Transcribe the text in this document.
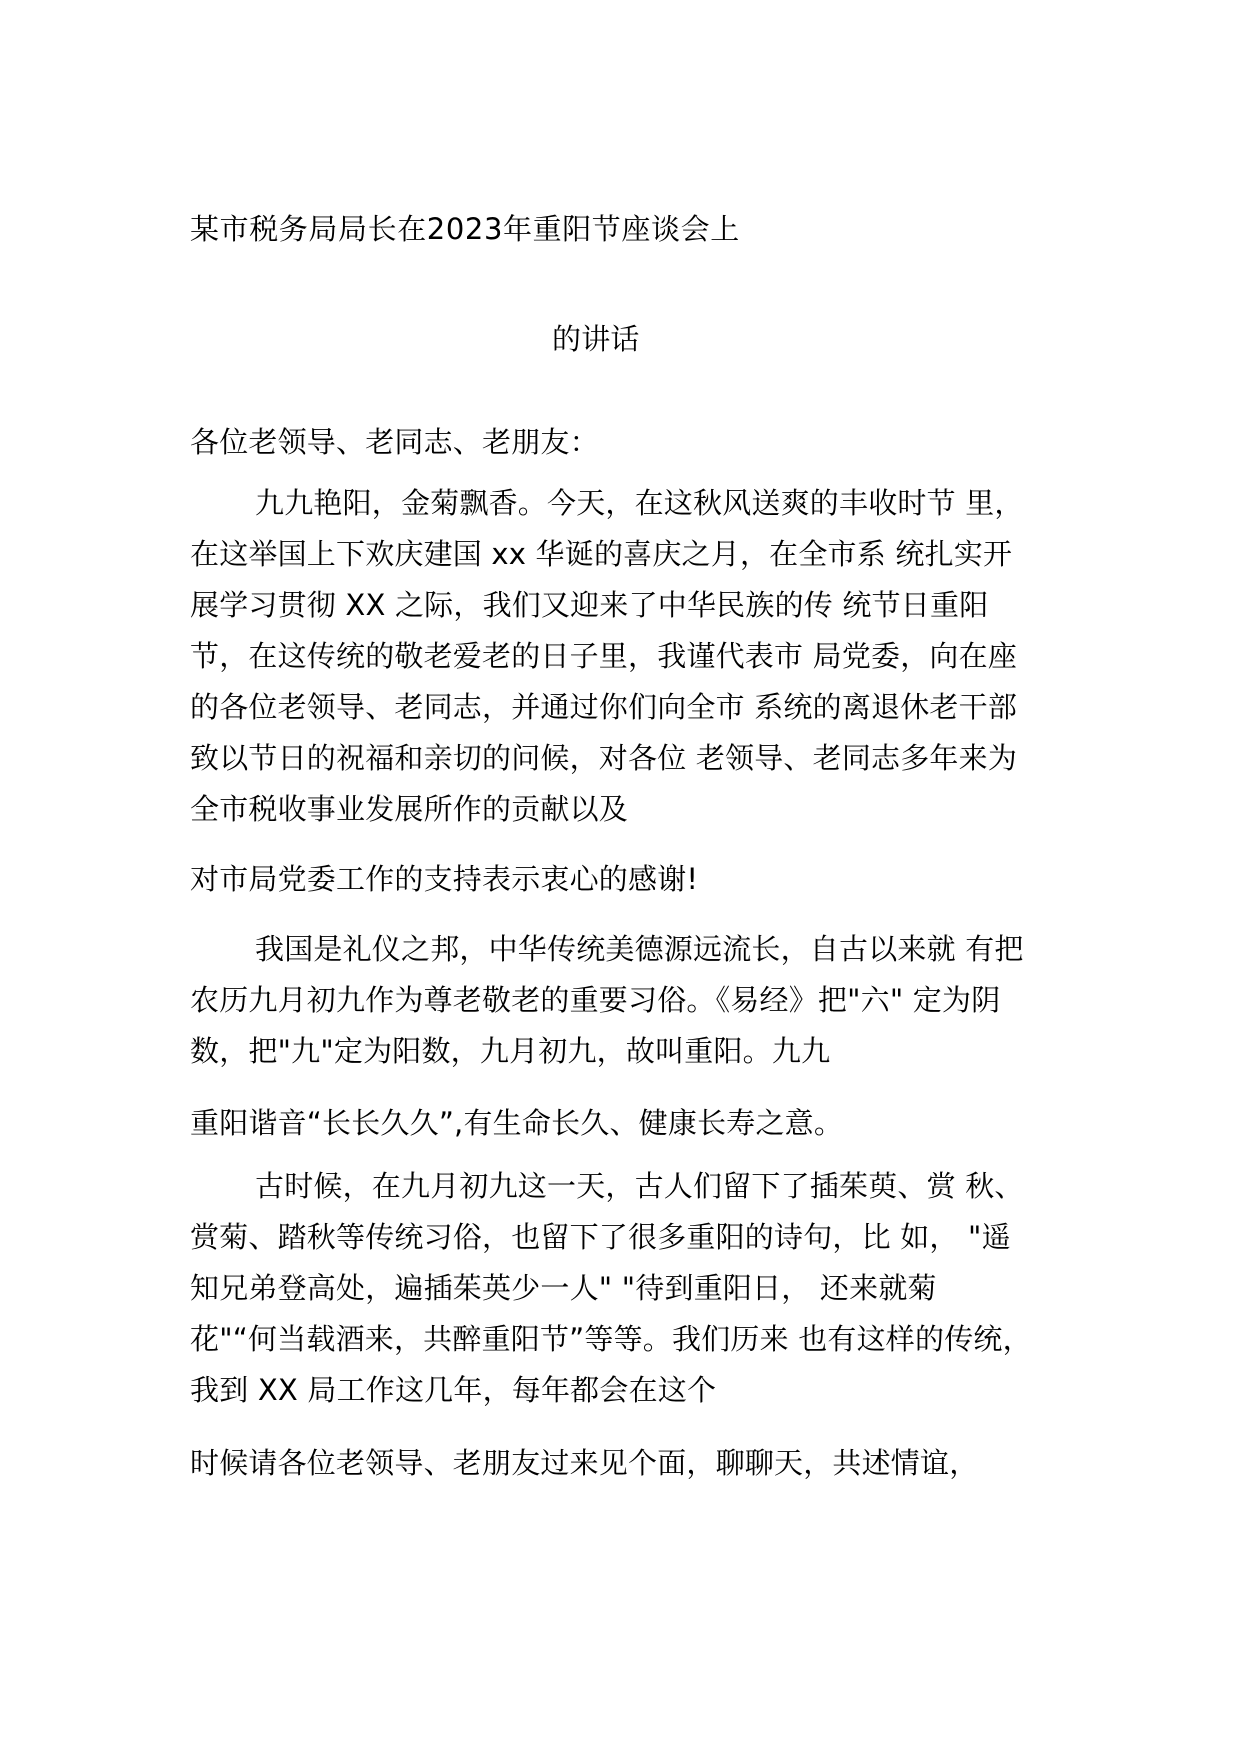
某市税务局局长在2023年重阳节座谈会上
的讲话
各位老领导、老同志、老朋友：
九九艳阳，金菊飘香。今天，在这秋风送爽的丰收时节 里，
在这举国上下欢庆建国 xx 华诞的喜庆之月，在全市系 统扎实开
展学习贯彻 XX 之际，我们又迎来了中华民族的传 统节日重阳
节，在这传统的敬老爱老的日子里，我谨代表市 局党委，向在座
的各位老领导、老同志，并通过你们向全市 系统的离退休老干部
致以节日的祝福和亲切的问候，对各位 老领导、老同志多年来为
全市税收事业发展所作的贡献以及
对市局党委工作的支持表示衷心的感谢!
我国是礼仪之邦，中华传统美德源远流长，自古以来就 有把
农历九月初九作为尊老敬老的重要习俗。《易经》把"六" 定为阴
数，把"九"定为阳数，九月初九，故叫重阳。九九
重阳谐音“长长久久”,有生命长久、健康长寿之意。
古时候，在九月初九这一天，古人们留下了插茱萸、赏 秋、
赏菊、踏秋等传统习俗，也留下了很多重阳的诗句，比 如， "遥
知兄弟登高处，遍插茱英少一人" "待到重阳日， 还来就菊
花"“何当载酒来，共醉重阳节”等等。我们历来 也有这样的传统，
我到 XX 局工作这几年，每年都会在这个
时候请各位老领导、老朋友过来见个面，聊聊天，共述情谊，
